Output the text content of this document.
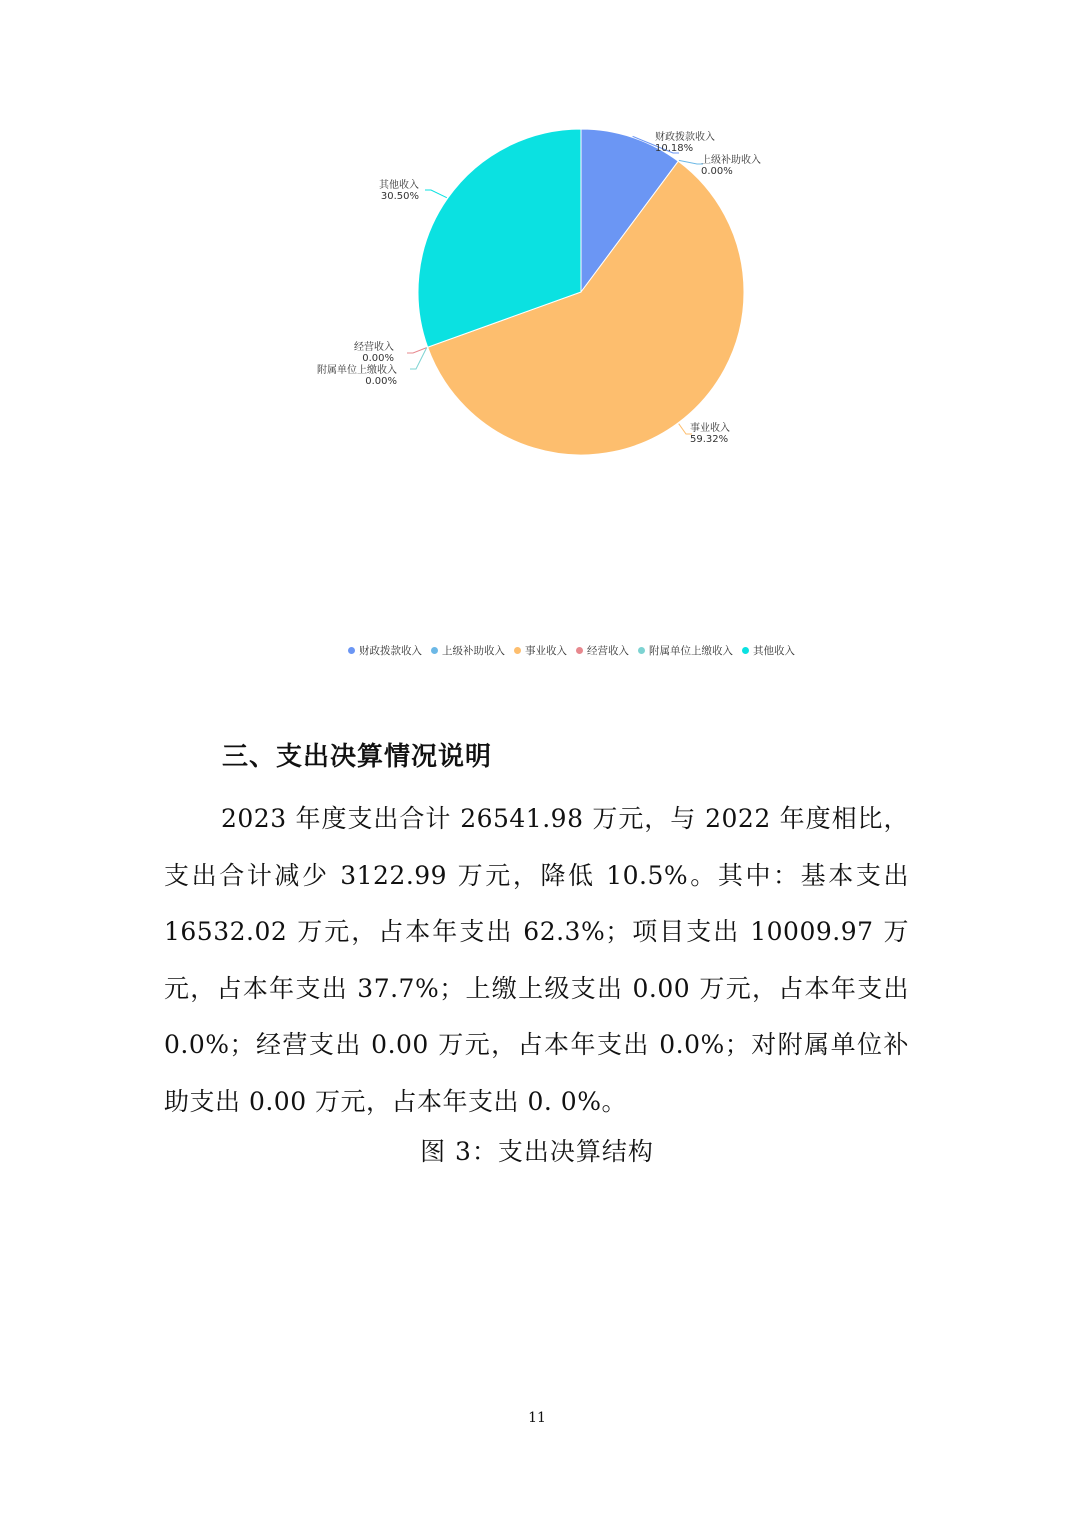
财政拨款收入
10.18%
上级补助收入
0.00%
事业收入
59.32%
经营收入
0.00%
附属单位上缴收入
0.00%
其他收入
30.50%
财政拨款收入 上级补助收入 事业收入 经营收入 附属单位上缴收入 其他收入
三、支出决算情况说明

2023 年度支出合计 26541.98 万元，与 2022 年度相比，支出合计减少 3122.99 万元，降低 10.5%。其中：基本支出 16532.02 万元，占本年支出 62.3%；项目支出 10009.97 万元，占本年支出 37.7%；上缴上级支出 0.00 万元，占本年支出 0.0%；经营支出 0.00 万元，占本年支出 0.0%；对附属单位补助支出 0.00 万元，占本年支出 0. 0%。

图 3：支出决算结构
11
